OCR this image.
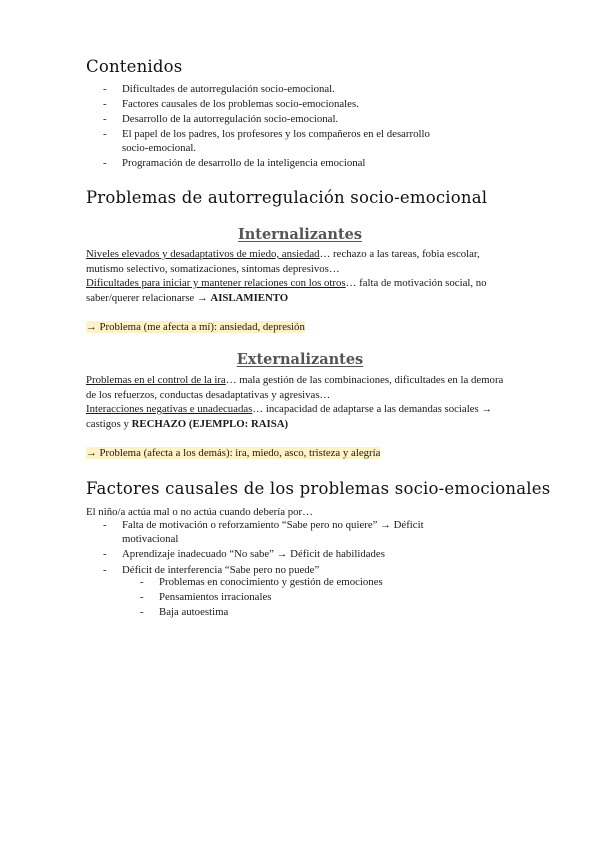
Contenidos
- Dificultades de autorregulación socio-emocional.
- Factores causales de los problemas socio-emocionales.
- Desarrollo de la autorregulación socio-emocional.
- El papel de los padres, los profesores y los compañeros en el desarrollo socio-emocional.
- Programación de desarrollo de la inteligencia emocional
Problemas de autorregulación socio-emocional
Internalizantes

Niveles elevados y desadaptativos de miedo, ansiedad… rechazo a las tareas, fobia escolar, mutismo selectivo, somatizaciones, síntomas depresivos…
Dificultades para iniciar y mantener relaciones con los otros… falta de motivación social, no saber/querer relacionarse → AISLAMIENTO

→ Problema (me afecta a mí): ansiedad, depresión

Externalizantes

Problemas en el control de la ira… mala gestión de las combinaciones, dificultades en la demora de los refuerzos, conductas desadaptativas y agresivas…
Interacciones negativas e unadecuadas… incapacidad de adaptarse a las demandas sociales → castigos y RECHAZO (EJEMPLO: RAISA)

→ Problema (afecta a los demás): ira, miedo, asco, tristeza y alegría

Factores causales de los problemas socio-emocionales

El niño/a actúa mal o no actúa cuando debería por…

- Falta de motivación o reforzamiento “Sabe pero no quiere” → Déficit motivacional
- Aprendizaje inadecuado “No sabe” → Déficit de habilidades
- Déficit de interferencia “Sabe pero no puede”
- Problemas en conocimiento y gestión de emociones
- Pensamientos irracionales
- Baja autoestima
